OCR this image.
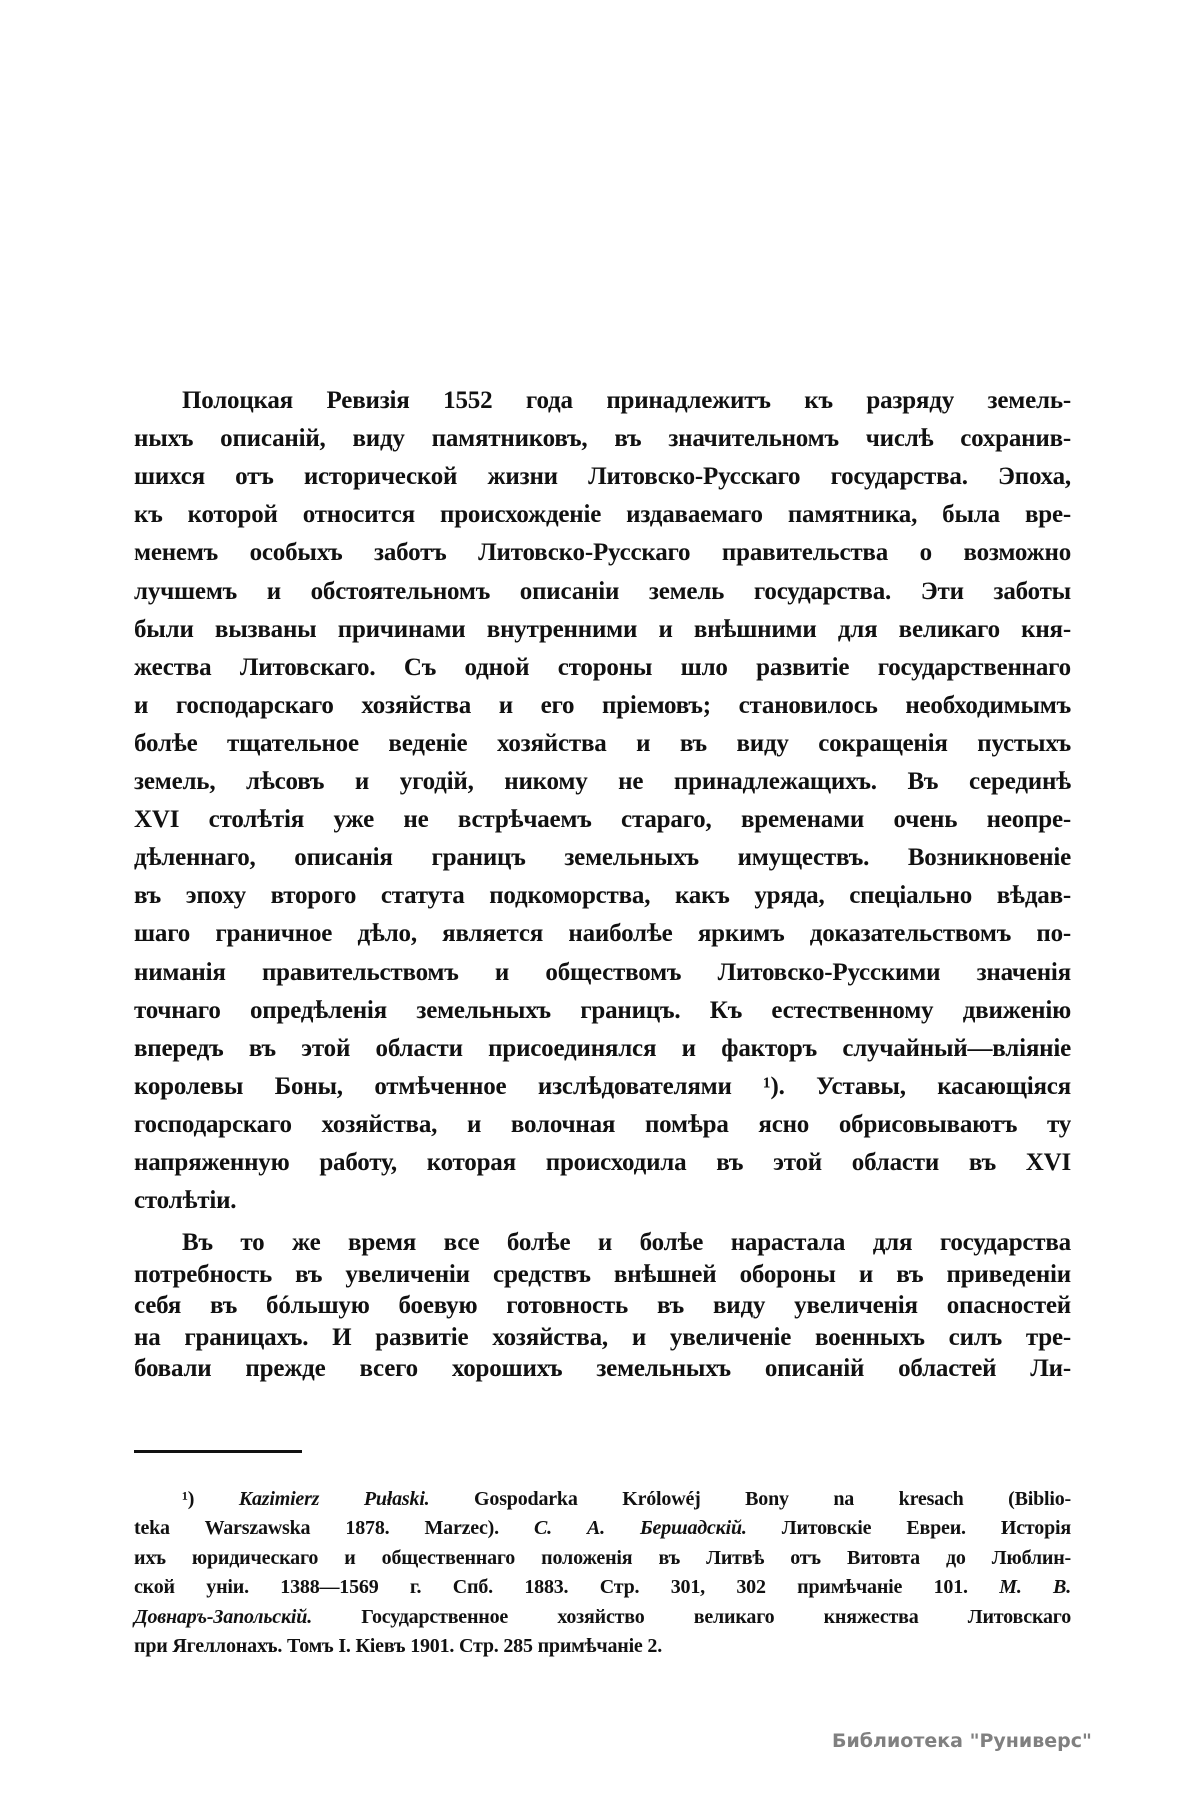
Полоцкая Ревизія 1552 года принадлежитъ къ разряду земель-
ныхъ описаній, виду памятниковъ, въ значительномъ числѣ сохранив-
шихся отъ исторической жизни Литовско-Русскаго государства. Эпоха,
къ которой относится происхожденіе издаваемаго памятника, была вре-
менемъ особыхъ заботъ Литовско-Русскаго правительства о возможно
лучшемъ и обстоятельномъ описаніи земель государства. Эти заботы
были вызваны причинами внутренними и внѣшними для великаго кня-
жества Литовскаго. Съ одной стороны шло развитіе государственнаго
и господарскаго хозяйства и его пріемовъ; становилось необходимымъ
болѣе тщательное веденіе хозяйства и въ виду сокращенія пустыхъ
земель, лѣсовъ и угодій, никому не принадлежащихъ. Въ серединѣ
XVI столѣтія уже не встрѣчаемъ стараго, временами очень неопре-
дѣленнаго, описанія границъ земельныхъ имуществъ. Возникновеніе
въ эпоху второго статута подкоморства, какъ уряда, спеціально вѣдав-
шаго граничное дѣло, является наиболѣе яркимъ доказательствомъ по-
ниманія правительствомъ и обществомъ Литовско-Русскими значенія
точнаго опредѣленія земельныхъ границъ. Къ естественному движенію
впередъ въ этой области присоединялся и факторъ случайный—вліяніе
королевы Боны, отмѣченное изслѣдователями ¹). Уставы, касающіяся
господарскаго хозяйства, и волочная помѣра ясно обрисовываютъ ту
напряженную работу, которая происходила въ этой области въ XVI
столѣтіи.
Въ то же время все болѣе и болѣе нарастала для государства
потребность въ увеличеніи средствъ внѣшней обороны и въ приведеніи
себя въ бóльшую боевую готовность въ виду увеличенія опасностей
на границахъ. И развитіе хозяйства, и увеличеніе военныхъ силъ тре-
бовали прежде всего хорошихъ земельныхъ описаній областей Ли-
¹) Kazimierz Pułaski. Gospodarka Królowéj Bony na kresach (Biblio-
teka Warszawska 1878. Marzec). С. А. Бершадскій. Литовскіе Евреи. Исторія
ихъ юридическаго и общественнаго положенія въ Литвѣ отъ Витовта до Люблин-
ской уніи. 1388—1569 г. Спб. 1883. Стр. 301, 302 примѣчаніе 101. М. В.
Довнаръ-Запольскій. Государственное хозяйство великаго княжества Литовскаго
при Ягеллонахъ. Томъ I. Кіевъ 1901. Стр. 285 примѣчаніе 2.
Библиотека "Руниверс"
